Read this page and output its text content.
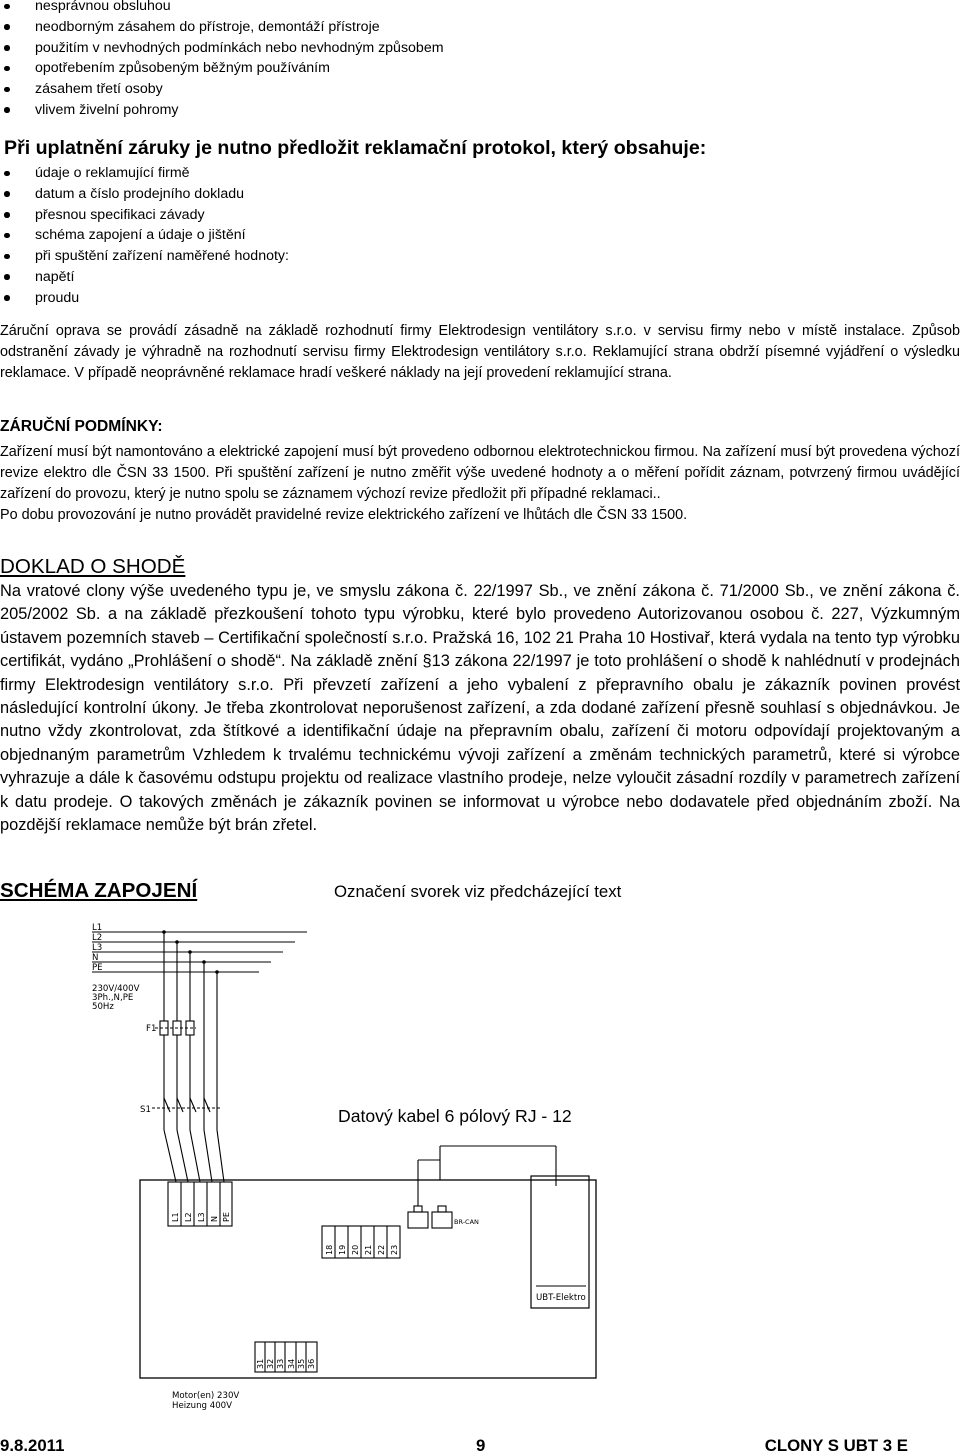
nesprávnou obsluhou
neodborným zásahem do přístroje, demontáží přístroje
použitím v nevhodných podmínkách nebo nevhodným způsobem
opotřebením způsobeným běžným používáním
zásahem třetí osoby
vlivem živelní pohromy
Při uplatnění záruky je nutno předložit reklamační protokol, který obsahuje:
údaje o reklamující firmě
datum a číslo prodejního dokladu
přesnou specifikaci závady
schéma zapojení a údaje o jištění
při spuštění zařízení naměřené hodnoty:
napětí
proudu

Záruční oprava se provádí zásadně na základě rozhodnutí firmy Elektrodesign ventilátory s.r.o. v servisu firmy nebo v místě instalace. Způsob odstranění závady je výhradně na rozhodnutí servisu firmy Elektrodesign ventilátory s.r.o. Reklamující strana obdrží písemné vyjádření o výsledku reklamace. V případě neoprávněné reklamace hradí veškeré náklady na její provedení reklamující strana.

ZÁRUČNÍ PODMÍNKY:

Zařízení musí být namontováno a elektrické zapojení musí být provedeno odbornou elektrotechnickou firmou. Na zařízení musí být provedena výchozí revize elektro dle ČSN 33 1500. Při spuštění zařízení je nutno změřit výše uvedené hodnoty a o měření pořídit záznam, potvrzený firmou uvádějící zařízení do provozu, který je nutno spolu se záznamem výchozí revize předložit při případné reklamaci..

Po dobu provozování je nutno provádět pravidelné revize elektrického zařízení ve lhůtách dle ČSN 33 1500.

DOKLAD O SHODĚ

Na vratové clony výše uvedeného typu je, ve smyslu zákona č. 22/1997 Sb., ve znění zákona č. 71/2000 Sb., ve znění zákona č. 205/2002 Sb. a na základě přezkoušení tohoto typu výrobku, které bylo provedeno Autorizovanou osobou č. 227, Výzkumným ústavem pozemních staveb – Certifikační společností s.r.o. Pražská 16, 102 21 Praha 10 Hostivař, která vydala na tento typ výrobku certifikát, vydáno „Prohlášení o shodě“. Na základě znění §13 zákona 22/1997 je toto prohlášení o shodě k nahlédnutí v prodejnách firmy Elektrodesign ventilátory s.r.o. Při převzetí zařízení a jeho vybalení z přepravního obalu je zákazník povinen provést následující kontrolní úkony. Je třeba zkontrolovat neporušenost zařízení, a zda dodané zařízení přesně souhlasí s objednávkou. Je nutno vždy zkontrolovat, zda štítkové a identifikační údaje na přepravním obalu, zařízení či motoru odpovídají projektovaným a objednaným parametrům Vzhledem k trvalému technickému vývoji zařízení a změnám technických parametrů, které si výrobce vyhrazuje a dále k časovému odstupu projektu od realizace vlastního prodeje, nelze vyloučit zásadní rozdíly v parametrech zařízení k datu prodeje. O takových změnách je zákazník povinen se informovat u výrobce nebo dodavatele před objednáním zboží. Na pozdější reklamace nemůže být brán zřetel.

SCHÉMA ZAPOJENÍ	Označení svorek viz předcházející text
L1
L2
L3
N
PE
230V/400V
3Ph.,N,PE
50Hz
F1
S1
BR-CAN
UBT-Elektro
Motor(en) 230V
Heizung 400V
L1 L2 L3 N PE
18 19 20 21 22 23
31 32 33 34 35 36
Datový kabel 6 pólový RJ - 12
9.8.2011	9	CLONY S UBT 3 E
